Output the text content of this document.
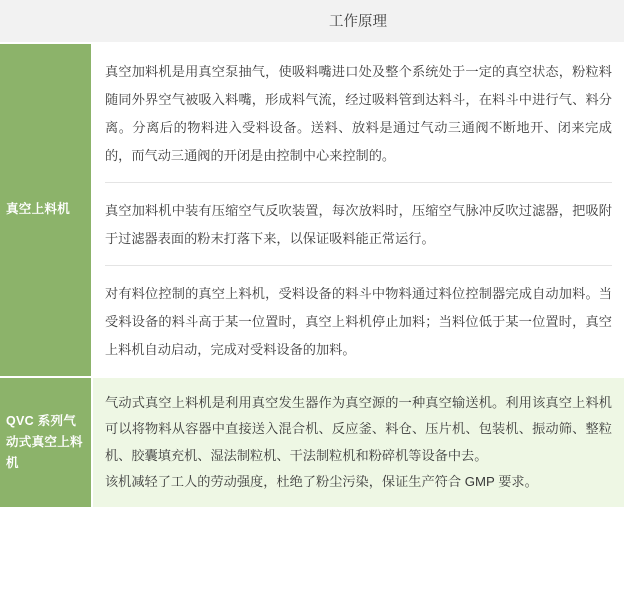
	工作原理
真空上料机	真空加料机是用真空泵抽气，使吸料嘴进口处及整个系统处于一定的真空状态，粉粒料随同外界空气被吸入料嘴，形成料气流，经过吸料管到达料斗，在料斗中进行气、料分离。分离后的物料进入受料设备。送料、放料是通过气动三通阀不断地开、闭来完成的，而气动三通阀的开闭是由控制中心来控制的。

真空加料机中装有压缩空气反吹装置，每次放料时，压缩空气脉冲反吹过滤器，把吸附于过滤器表面的粉末打落下来，以保证吸料能正常运行。

对有料位控制的真空上料机，受料设备的料斗中物料通过料位控制器完成自动加料。当受料设备的料斗高于某一位置时，真空上料机停止加料；当料位低于某一位置时，真空上料机自动启动，完成对受料设备的加料。

QVC 系列气动式真空上料机	气动式真空上料机是利用真空发生器作为真空源的一种真空输送机。利用该真空上料机可以将物料从容器中直接送入混合机、反应釜、料仓、压片机、包装机、振动筛、整粒机、胶囊填充机、湿法制粒机、干法制粒机和粉碎机等设备中去。

该机减轻了工人的劳动强度，杜绝了粉尘污染，保证生产符合 GMP 要求。
